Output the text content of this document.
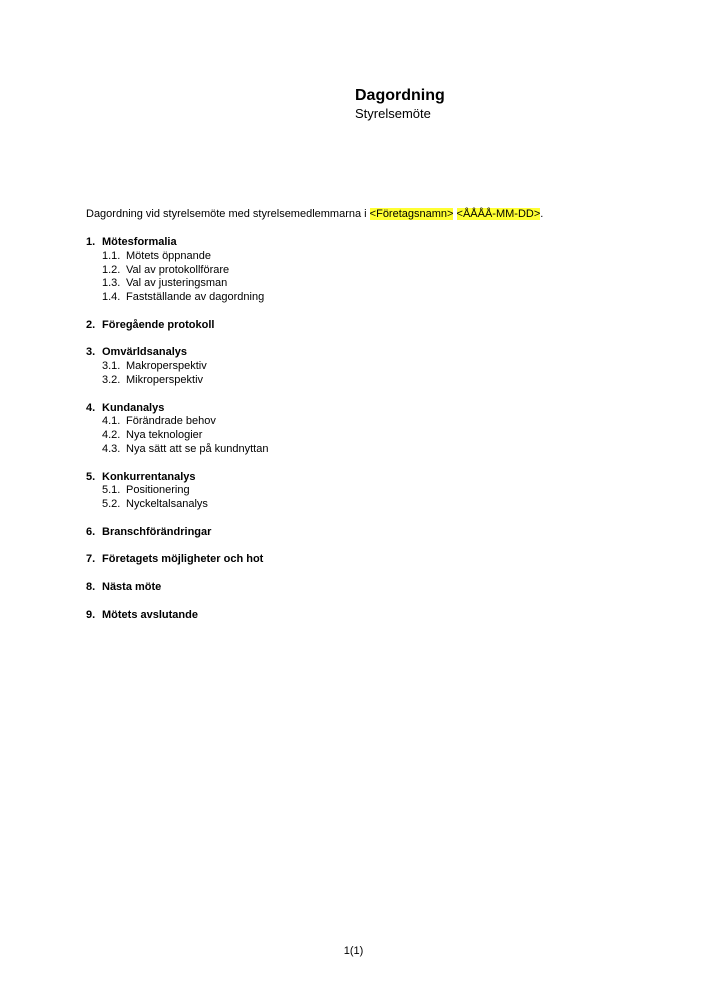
Dagordning
Styrelsemöte
Dagordning vid styrelsemöte med styrelsemedlemmarna i <Företagsnamn> <ÅÅÅÅ-MM-DD>.
1. Mötesformalia
1.1. Mötets öppnande
1.2. Val av protokollförare
1.3. Val av justeringsman
1.4. Fastställande av dagordning
2. Föregående protokoll
3. Omvärldsanalys
3.1. Makroperspektiv
3.2. Mikroperspektiv
4. Kundanalys
4.1. Förändrade behov
4.2. Nya teknologier
4.3. Nya sätt att se på kundnyttan
5. Konkurrentanalys
5.1. Positionering
5.2. Nyckeltalsanalys
6. Branschförändringar
7. Företagets möjligheter och hot
8. Nästa möte
9. Mötets avslutande
1(1)
